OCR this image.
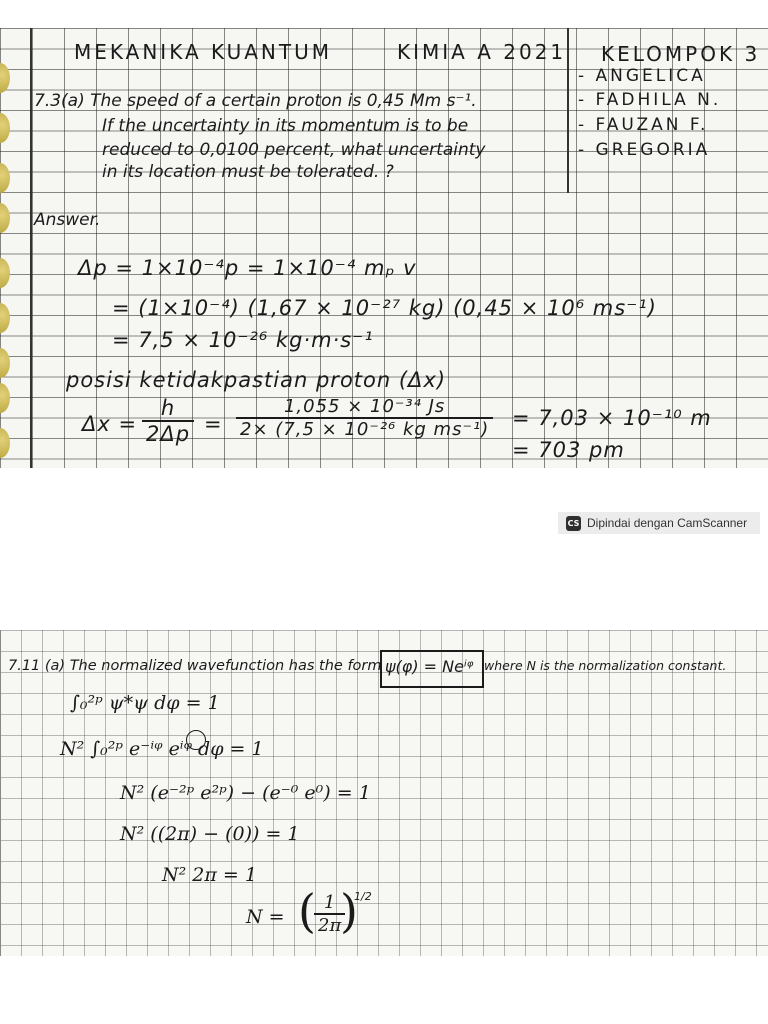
MEKANIKA KUANTUM	KIMIA A 2021 KELOMPOK 3
- ANGELICA
- FADHILA N.
- FAUZAN F.
- GREGORIA
7.3(a) The speed of a certain proton is 0,45 Mm s⁻¹.
If the uncertainty in its momentum is to be
reduced to 0,0100 percent, what uncertainty
in its location must be tolerated. ?
Answer.
Δp = 1×10⁻⁴p = 1×10⁻⁴ mₚ v
= (1×10⁻⁴) (1,67 × 10⁻²⁷ kg) (0,45 × 10⁶ ms⁻¹)
= 7,5 × 10⁻²⁶ kg·m·s⁻¹
posisi ketidakpastian proton (Δx)
$\Delta x = \frac{h}{2\Delta p} = \frac{\text{1,055 × 10⁻³⁴ Js}}{\text{2× (7,5 × 10⁻²⁶ kg ms⁻¹)}} = 7,03 \times 10^{-10}$ m
= 703 pm
CS Dipindai dengan CamScanner
7.11 (a) The normalized wavefunction has the form ψ(φ) = Neⁱᵠ where N is the normalization constant.
∫₀²ᵖ ψ*ψ dφ = 1
N² ∫₀²ᵖ e⁻ⁱᵠ eⁱᵠ dφ = 1
N² (e⁻²ᵖ e²ᵖ) − (e⁻⁰ e⁰) = 1
N² ((2π) − (0)) = 1
N² 2π = 1
N = (
$\frac{1}{2\pi}$
)
1/2
